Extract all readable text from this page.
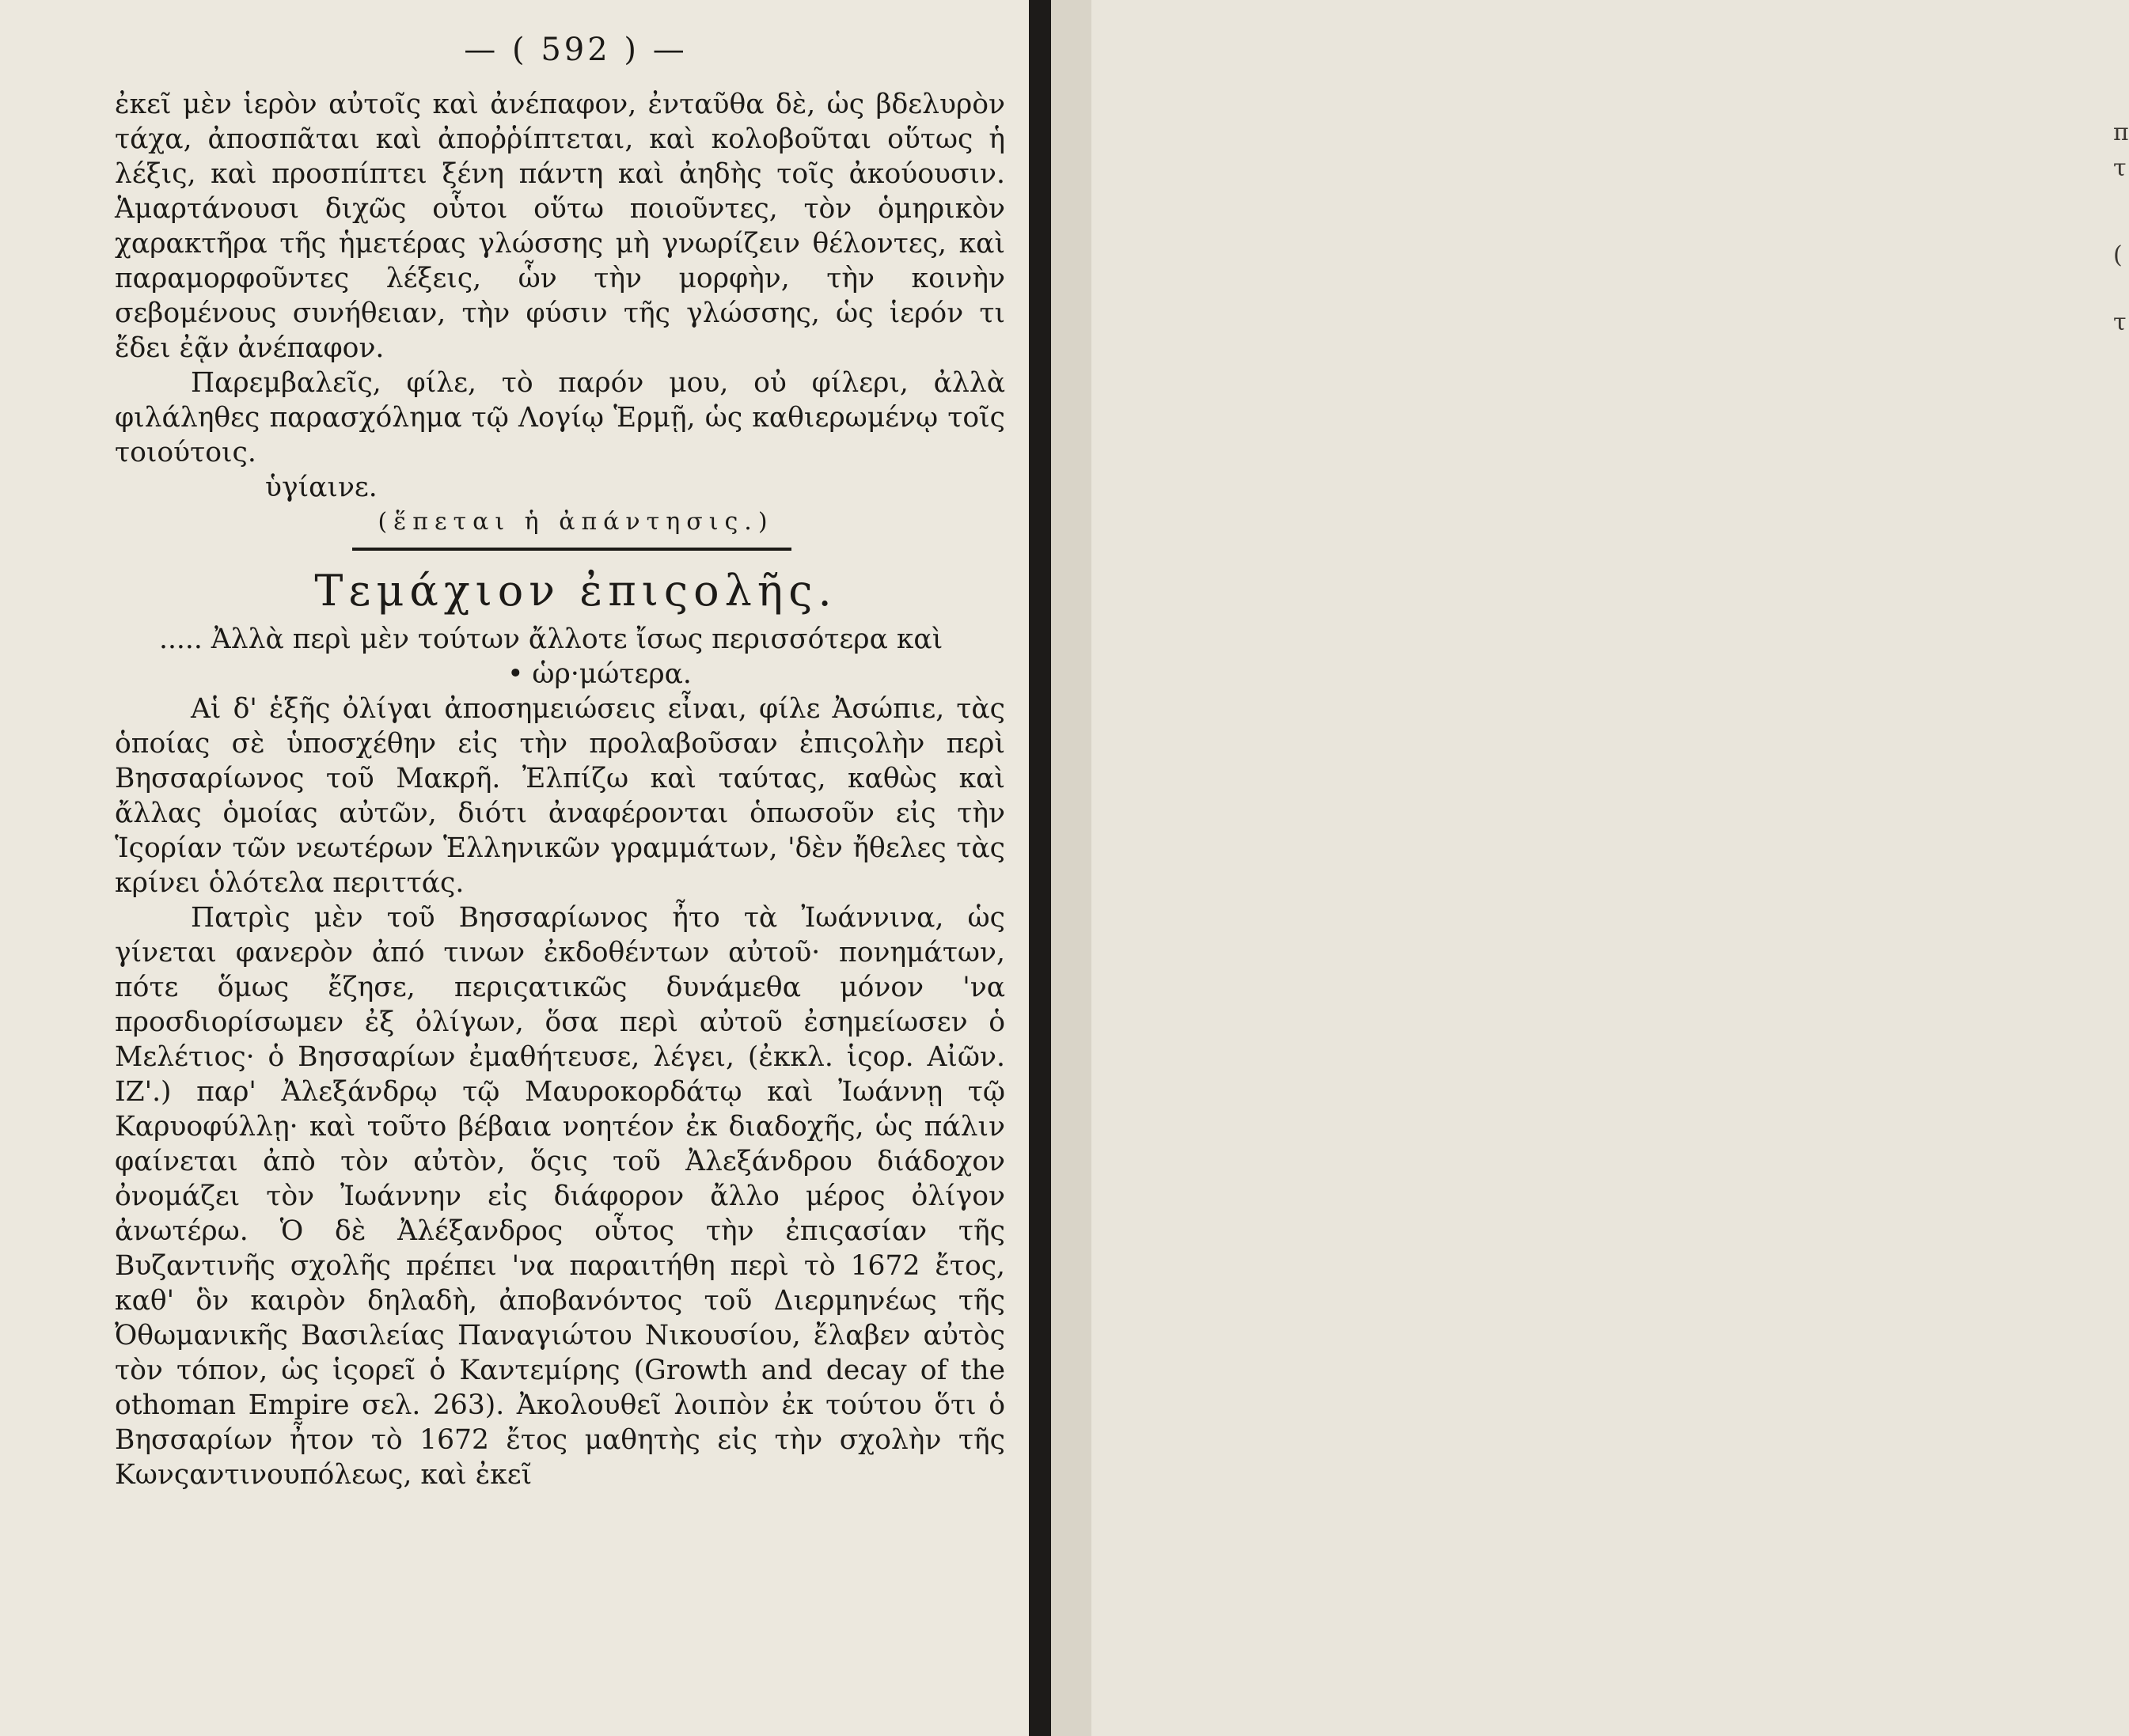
— ( 592 ) —

ἐκεῖ μὲν ἱερὸν αὐτοῖς καὶ ἀνέπαφον, ἐνταῦθα δὲ, ὡς βδελυρὸν τάχα, ἀποσπᾶται καὶ ἀποῤῥίπτεται, καὶ κολοβοῦται οὕτως ἡ λέξις, καὶ προσπίπτει ξένη πάντη καὶ ἀηδὴς τοῖς ἀκούουσιν. Ἁμαρτάνουσι διχῶς οὗτοι οὕτω ποιοῦντες, τὸν ὁμηρικὸν χαρακτῆρα τῆς ἡμετέρας γλώσσης μὴ γνωρίζειν θέλοντες, καὶ παραμορφοῦντες λέξεις, ὧν τὴν μορφὴν, τὴν κοινὴν σεβομένους συνήθειαν, τὴν φύσιν τῆς γλώσσης, ὡς ἱερόν τι ἔδει ἐᾷν ἀνέπαφον.

Παρεμβαλεῖς, φίλε, τὸ παρόν μου, οὐ φίλερι, ἀλλὰ φιλάληθες παρασχόλημα τῷ Λογίῳ Ἑρμῇ, ὡς καθιερωμένῳ τοῖς τοιούτοις.

ὑγίαινε.
(ἕπεται ἡ ἀπάντησις.)
Τεμάχιον ἐπιςολῆς.

..... Ἀλλὰ περὶ μὲν τούτων ἄλλοτε ἴσως περισσότερα καὶ

• ὡρ·μώτερα.

Αἱ δ' ἑξῆς ὀλίγαι ἀποσημειώσεις εἶναι, φίλε Ἀσώπιε, τὰς ὁποίας σὲ ὑποσχέθην εἰς τὴν προλαβοῦσαν ἐπιςολὴν περὶ Βησσαρίωνος τοῦ Μακρῆ. Ἐλπίζω καὶ ταύτας, καθὼς καὶ ἄλλας ὁμοίας αὐτῶν, διότι ἀναφέρονται ὁπωσοῦν εἰς τὴν Ἱςορίαν τῶν νεωτέρων Ἑλληνικῶν γραμμάτων, 'δὲν ἤθελες τὰς κρίνει ὁλότελα περιττάς.

Πατρὶς μὲν τοῦ Βησσαρίωνος ἦτο τὰ Ἰωάννινα, ὡς γίνεται φανερὸν ἀπό τινων ἐκδοθέντων αὐτοῦ· πονημάτων, πότε ὅμως ἔζησε, περιςατικῶς δυνάμεθα μόνον 'να προσδιορίσωμεν ἐξ ὀλίγων, ὅσα περὶ αὐτοῦ ἐσημείωσεν ὁ Μελέτιος· ὁ Βησσαρίων ἐμαθήτευσε, λέγει, (ἐκκλ. ἱςορ. Αἰῶν. ΙΖ'.) παρ' Ἀλεξάνδρῳ τῷ Μαυροκορδάτῳ καὶ Ἰωάννῃ τῷ Καρυοφύλλῃ· καὶ τοῦτο βέβαια νοητέον ἐκ διαδοχῆς, ὡς πάλιν φαίνεται ἀπὸ τὸν αὐτὸν, ὅςις τοῦ Ἀλεξάνδρου διάδοχον ὀνομάζει τὸν Ἰωάννην εἰς διάφορον ἄλλο μέρος ὀλίγον ἀνωτέρω. Ὁ δὲ Ἀλέξανδρος οὗτος τὴν ἐπιςασίαν τῆς Βυζαντινῆς σχολῆς πρέπει 'να παραιτήθη περὶ τὸ 1672 ἔτος, καθ' ὃν καιρὸν δηλαδὴ, ἀποβανόντος τοῦ Διερμηνέως τῆς Ὀθωμανικῆς Βασιλείας Παναγιώτου Νικουσίου, ἔλαβεν αὐτὸς τὸν τόπον, ὡς ἱςορεῖ ὁ Καντεμίρης (Growth and decay of the othoman Empire σελ. 263). Ἀκολουθεῖ λοιπὸν ἐκ τούτου ὅτι ὁ Βησσαρίων ἦτον τὸ 1672 ἔτος μαθητὴς εἰς τὴν σχολὴν τῆς Κωνςαντινουπόλεως, καὶ ἐκεῖ

π
τ
(
τ
